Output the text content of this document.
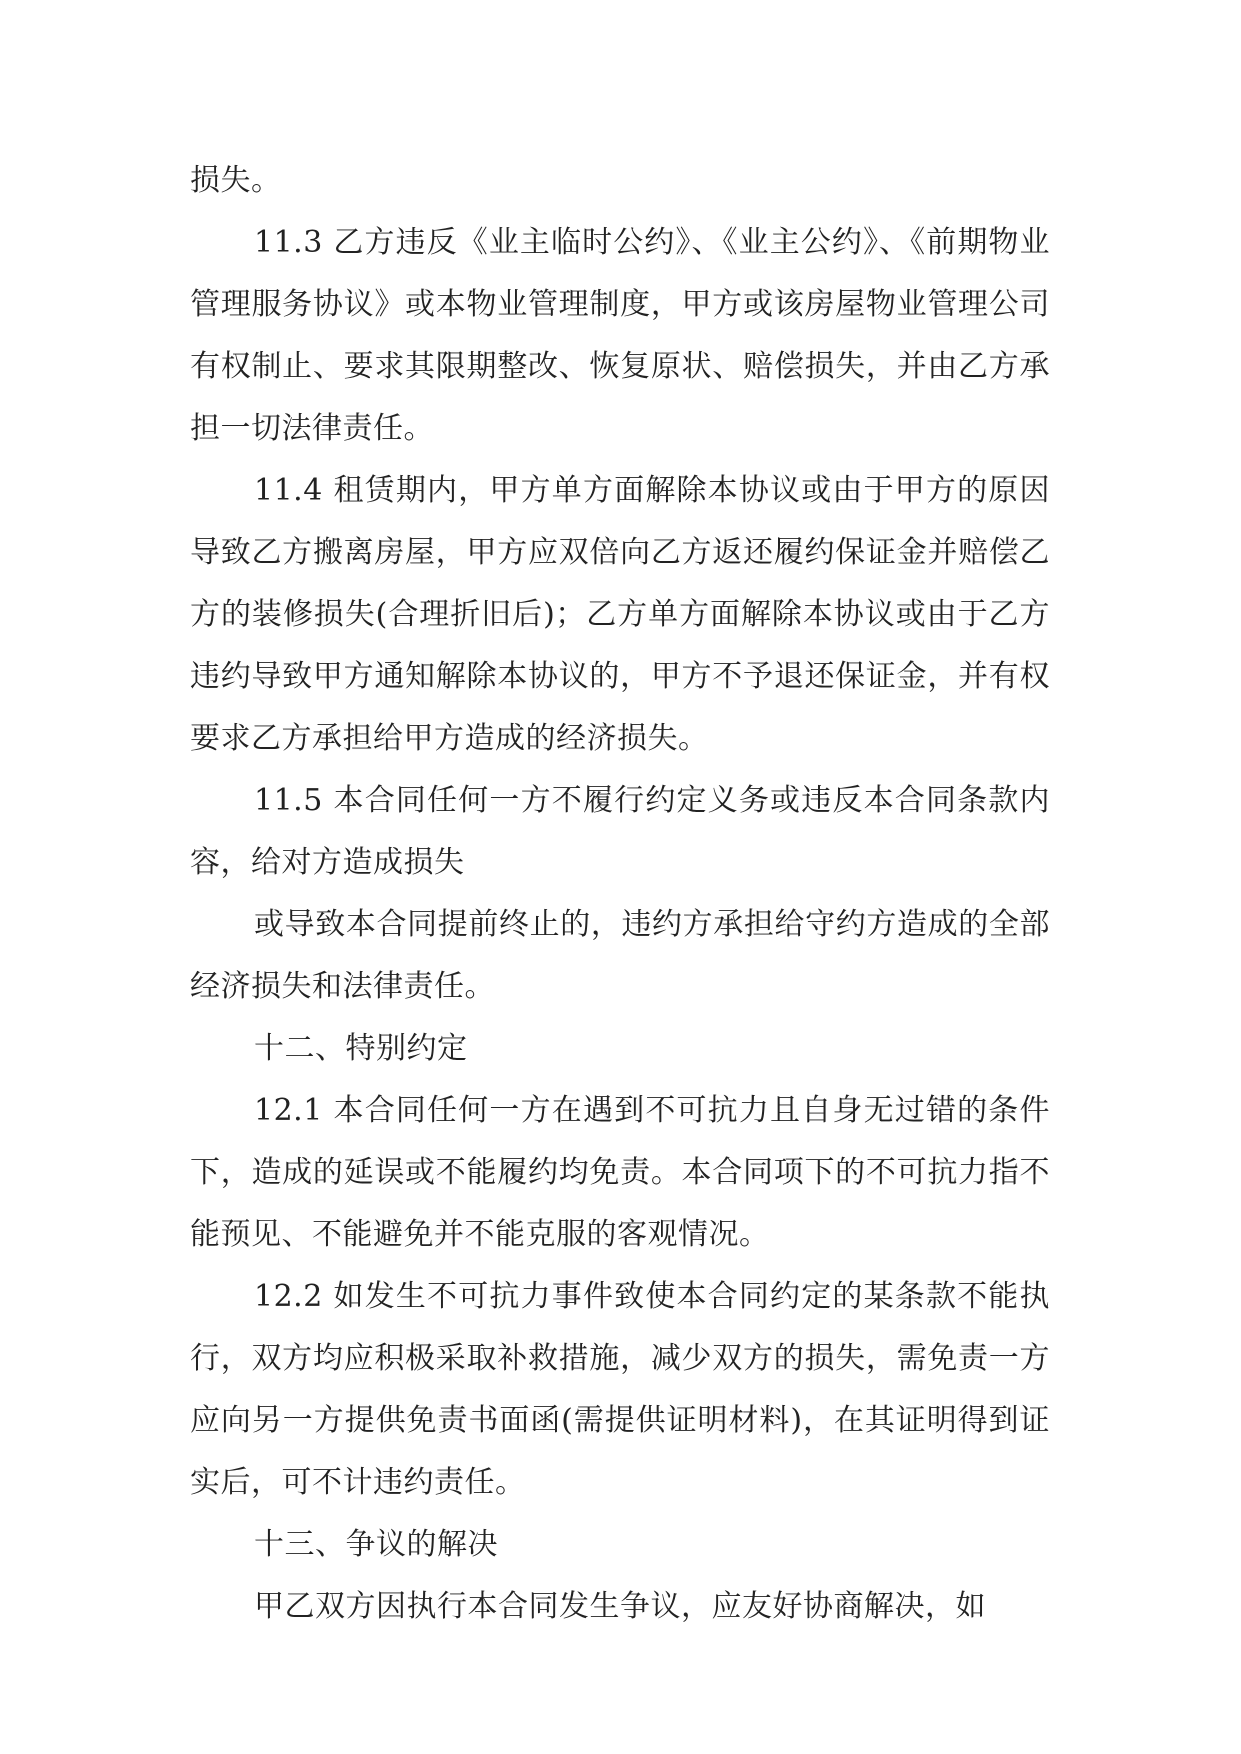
损失。

11.3 乙方违反《业主临时公约》、《业主公约》、《前期物业管理服务协议》或本物业管理制度，甲方或该房屋物业管理公司有权制止、要求其限期整改、恢复原状、赔偿损失，并由乙方承担一切法律责任。

11.4 租赁期内，甲方单方面解除本协议或由于甲方的原因导致乙方搬离房屋，甲方应双倍向乙方返还履约保证金并赔偿乙方的装修损失(合理折旧后)；乙方单方面解除本协议或由于乙方违约导致甲方通知解除本协议的，甲方不予退还保证金，并有权要求乙方承担给甲方造成的经济损失。

11.5 本合同任何一方不履行约定义务或违反本合同条款内容，给对方造成损失

或导致本合同提前终止的，违约方承担给守约方造成的全部经济损失和法律责任。

十二、特别约定

12.1 本合同任何一方在遇到不可抗力且自身无过错的条件下，造成的延误或不能履约均免责。本合同项下的不可抗力指不能预见、不能避免并不能克服的客观情况。

12.2 如发生不可抗力事件致使本合同约定的某条款不能执行，双方均应积极采取补救措施，减少双方的损失，需免责一方应向另一方提供免责书面函(需提供证明材料)，在其证明得到证实后，可不计违约责任。

十三、争议的解决

甲乙双方因执行本合同发生争议，应友好协商解决，如
